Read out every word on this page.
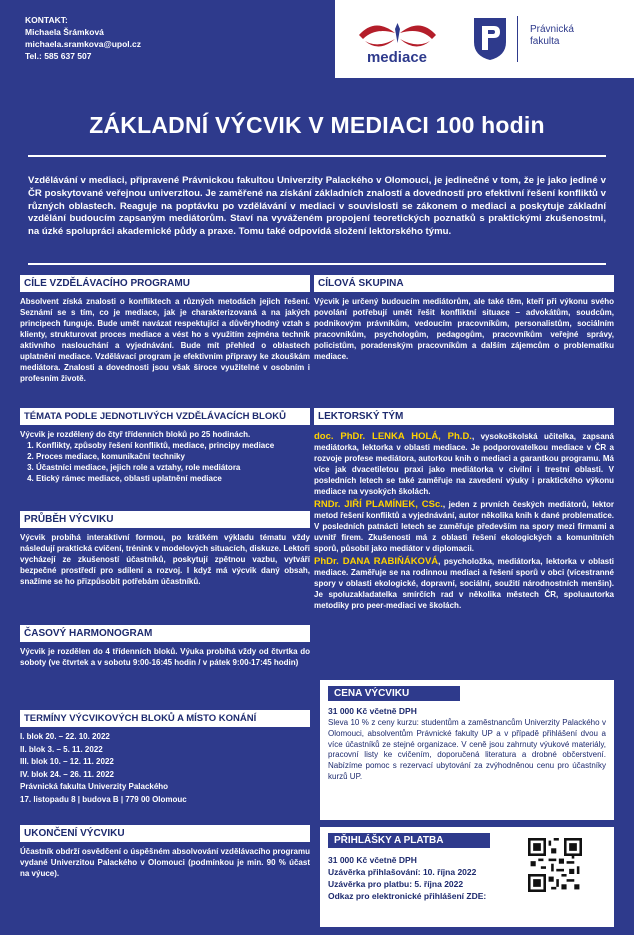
KONTAKT:
Michaela Šrámková
michaela.sramkova@upol.cz
Tel.: 585 637 507	mediace
Právnická
fakulta
ZÁKLADNÍ VÝCVIK V MEDIACI 100 hodin
Vzdělávání v mediaci, připravené Právnickou fakultou Univerzity Palackého v Olomouci, je jedinečné v tom, že je jako jediné v ČR poskytované veřejnou univerzitou. Je zaměřené na získání základních znalostí a dovedností pro efektivní řešení konfliktů v různých oblastech. Reaguje na poptávku po vzdělávání v mediaci v souvislosti se zákonem o mediaci a poskytuje základní vzdělání budoucím zapsaným mediátorům. Staví na vyváženém propojení teoretických poznatků s praktickými zkušenostmi, na úzké spolupráci akademické půdy a praxe. Tomu také odpovídá složení lektorského týmu.
CÍLE VZDĚLÁVACÍHO PROGRAMU
Absolvent získá znalosti o konfliktech a různých metodách jejich řešení. Seznámí se s tím, co je mediace, jak je charakterizovaná a na jakých principech funguje. Bude umět navázat respektující a důvěryhodný vztah s klienty, strukturovat proces mediace a vést ho s využitím zejména technik aktivního naslouchání a vyjednávání. Bude mít přehled o oblastech uplatnění mediace. Vzdělávací program je efektivním přípravy ke zkouškám mediátora. Znalosti a dovednosti jsou však široce využitelné v osobním i profesním životě.
TÉMATA PODLE JEDNOTLIVÝCH VZDĚLÁVACÍCH BLOKŮ
Výcvik je rozdělený do čtyř třídenních bloků po 25 hodinách.
1. Konflikty, způsoby řešení konfliktů, mediace, principy mediace
2. Proces mediace, komunikační techniky
3. Účastníci mediace, jejich role a vztahy, role mediátora
4. Etický rámec mediace, oblasti uplatnění mediace
PRŮBĚH VÝCVIKU
Výcvik probíhá interaktivní formou, po krátkém výkladu tématu vždy následují praktická cvičení, trénink v modelových situacích, diskuze. Lektoři vycházejí ze zkušeností účastníků, poskytují zpětnou vazbu, vytváří bezpečné prostředí pro sdílení a rozvoj. I když má výcvik daný obsah, snažíme se ho přizpůsobit potřebám účastníků.
ČASOVÝ HARMONOGRAM
Výcvik je rozdělen do 4 třídenních bloků. Výuka probíhá vždy od čtvrtka do soboty (ve čtvrtek a v sobotu 9:00-16:45 hodin / v pátek 9:00-17:45 hodin)
TERMÍNY VÝCVIKOVÝCH BLOKŮ A MÍSTO KONÁNÍ
I. blok 20. – 22. 10. 2022
II. blok 3. – 5. 11. 2022
III. blok 10. – 12. 11. 2022
IV. blok 24. – 26. 11. 2022
Právnická fakulta Univerzity Palackého
17. listopadu 8 | budova B | 779 00 Olomouc
UKONČENÍ VÝCVIKU
Účastník obdrží osvědčení o úspěšném absolvování vzdělávacího programu vydané Univerzitou Palackého v Olomouci (podmínkou je min. 90 % účast na výuce).
CÍLOVÁ SKUPINA
Výcvik je určený budoucím mediátorům, ale také těm, kteří při výkonu svého povolání potřebují umět řešit konfliktní situace – advokátům, soudcům, podnikovým právníkům, vedoucím pracovníkům, personalistům, sociálním pracovníkům, psychologům, pedagogům, pracovníkům veřejné správy, policistům, poradenským pracovníkům a dalším zájemcům o problematiku mediace.
LEKTORSKÝ TÝM
doc. PhDr. LENKA HOLÁ, Ph.D., vysokoškolská učitelka, zapsaná mediátorka, lektorka v oblasti mediace. Je podporovatelkou mediace v ČR a rozvoje profese mediátora, autorkou knih o mediaci a garantkou programu. Má více jak dvacetiletou praxi jako mediátorka v civilní i trestní oblasti. V posledních letech se také zaměřuje na zavedení výuky i praktického výkonu mediace na vysokých školách.
RNDr. JIŘÍ PLAMÍNEK, CSc., jeden z prvních českých mediátorů, lektor metod řešení konfliktů a vyjednávání, autor několika knih k dané problematice. V posledních patnácti letech se zaměřuje především na spory mezi firmami a uvnitř firem. Zkušenosti má z oblasti řešení ekologických a komunitních sporů, působil jako mediátor v diplomacii.
PhDr. DANA RABIŇÁKOVÁ, psycholožka, mediátorka, lektorka v oblasti mediace. Zaměřuje se na rodinnou mediaci a řešení sporů v obci (vícestranné spory v oblasti ekologické, dopravní, sociální, soužití národnostních menšin). Je spoluzakladatelka smírčích rad v několika městech ČR, spoluautorka metodiky pro peer-mediaci ve školách.
CENA VÝCVIKU
31 000 Kč včetně DPH
Sleva 10 % z ceny kurzu: studentům a zaměstnancům Univerzity Palackého v Olomouci, absolventům Právnické fakulty UP a v případě přihlášení dvou a více účastníků ze stejné organizace. V ceně jsou zahrnuty výukové materiály, pracovní listy ke cvičením, doporučená literatura a drobné občerstvení. Nabízíme pomoc s rezervací ubytování za zvýhodněnou cenu pro účastníky kurzů UP.
PŘIHLÁŠKY A PLATBA
31 000 Kč včetně DPH
Uzávěrka přihlašování: 10. října 2022
Uzávěrka pro platbu: 5. října 2022
Odkaz pro elektronické přihlášení ZDE:
